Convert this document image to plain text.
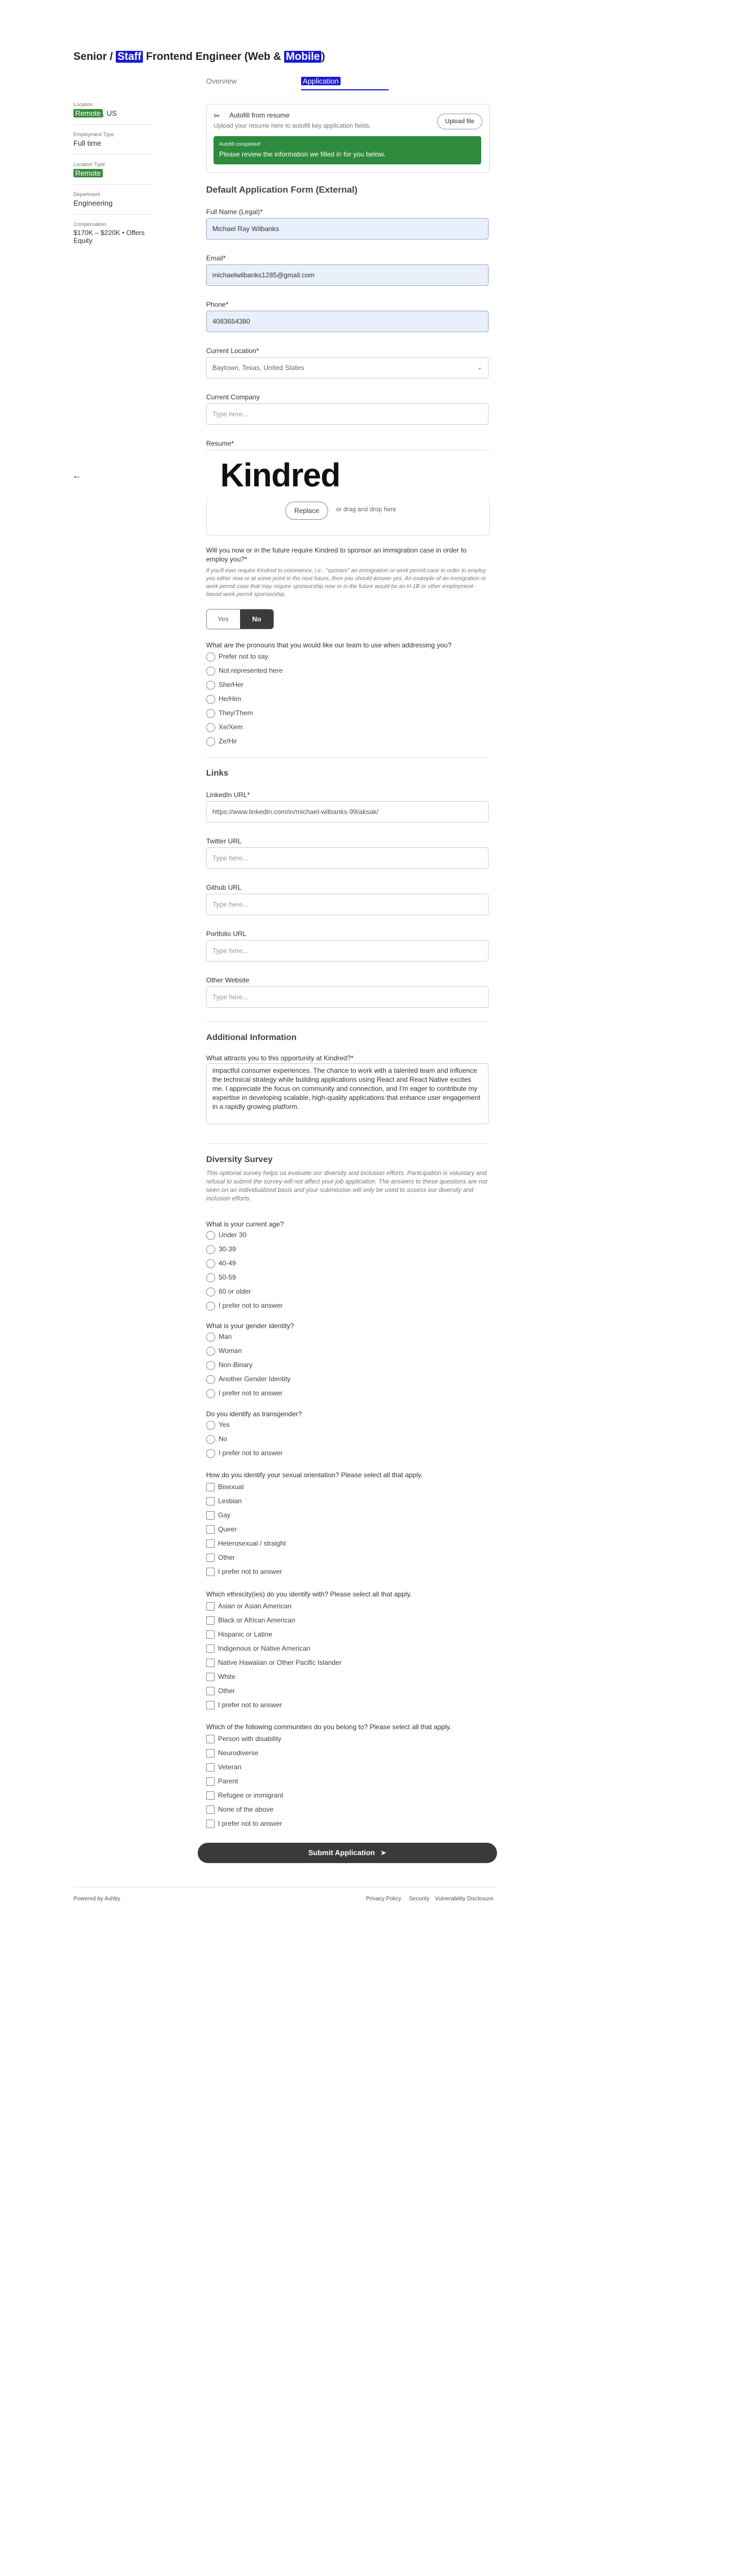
Senior / Staff Frontend Engineer (Web & Mobile )
Location
Remote , US
Employment Type
Full time
Location Type
Remote
Department
Engineering
Compensation
$170K – $220K • Offers Equity
Overview	Application
✂ Autofill from resume
Upload your resume here to autofill key application fields.
Upload file
Autofill completed!
Please review the information we filled in for you below.
Default Application Form (External)
Full Name (Legal)*
Michael Ray Wilbanks
Email*
michaelwilbanks1285@gmail.com
Phone*
4083654380
Current Location*
Baytown, Texas, United States	⌄
Current Company
Type here...
Resume*
Kindred
←
Replace	or drag and drop here
Will you now or in the future require Kindred to sponsor an immigration case in order to employ you?*
If you'll ever require Kindred to commence, i.e., "sponsor" an immigration or work permit case in order to employ you either now or at some point in the next future, then you should answer yes. An example of an immigration or work permit case that may require sponsorship now or in the future would be an H-1B or other employment-based work permit sponsorship.
Yes	No
What are the pronouns that you would like our team to use when addressing you?
Prefer not to say
Not represented here
She/Her
He/Him
They/Them
Xe/Xem
Ze/Hir
Links
LinkedIn URL*
https://www.linkedin.com/in/michael-wilbanks-99/aksak/
Twitter URL
Type here...
Github URL
Type here...
Portfolio URL
Type here...
Other Website
Type here...
Additional Information
What attracts you to this opportunity at Kindred?*
impactful consumer experiences. The chance to work with a talented team and influence the technical strategy while building applications using React and React Native excites me. I appreciate the focus on community and connection, and I'm eager to contribute my expertise in developing scalable, high-quality applications that enhance user engagement in a rapidly growing platform.
Diversity Survey
This optional survey helps us evaluate our diversity and inclusion efforts. Participation is voluntary and refusal to submit the survey will not affect your job application. The answers to these questions are not seen on an individualized basis and your submission will only be used to assess our diversity and inclusion efforts.
What is your current age?
Under 30
30-39
40-49
50-59
60 or older
I prefer not to answer
What is your gender identity?
Man
Woman
Non-Binary
Another Gender Identity
I prefer not to answer
Do you identify as transgender?
Yes
No
I prefer not to answer
How do you identify your sexual orientation? Please select all that apply.
Bisexual
Lesbian
Gay
Queer
Heterosexual / straight
Other
I prefer not to answer
Which ethnicity(ies) do you identify with? Please select all that apply.
Asian or Asian American
Black or African American
Hispanic or Latine
Indigenous or Native American
Native Hawaiian or Other Pacific Islander
White
Other
I prefer not to answer
Which of the following communities do you belong to? Please select all that apply.
Person with disability
Neurodiverse
Veteran
Parent
Refugee or immigrant
None of the above
I prefer not to answer
Submit Application ➤
Powered by Ashby	Privacy Policy Security Vulnerability Disclosure
